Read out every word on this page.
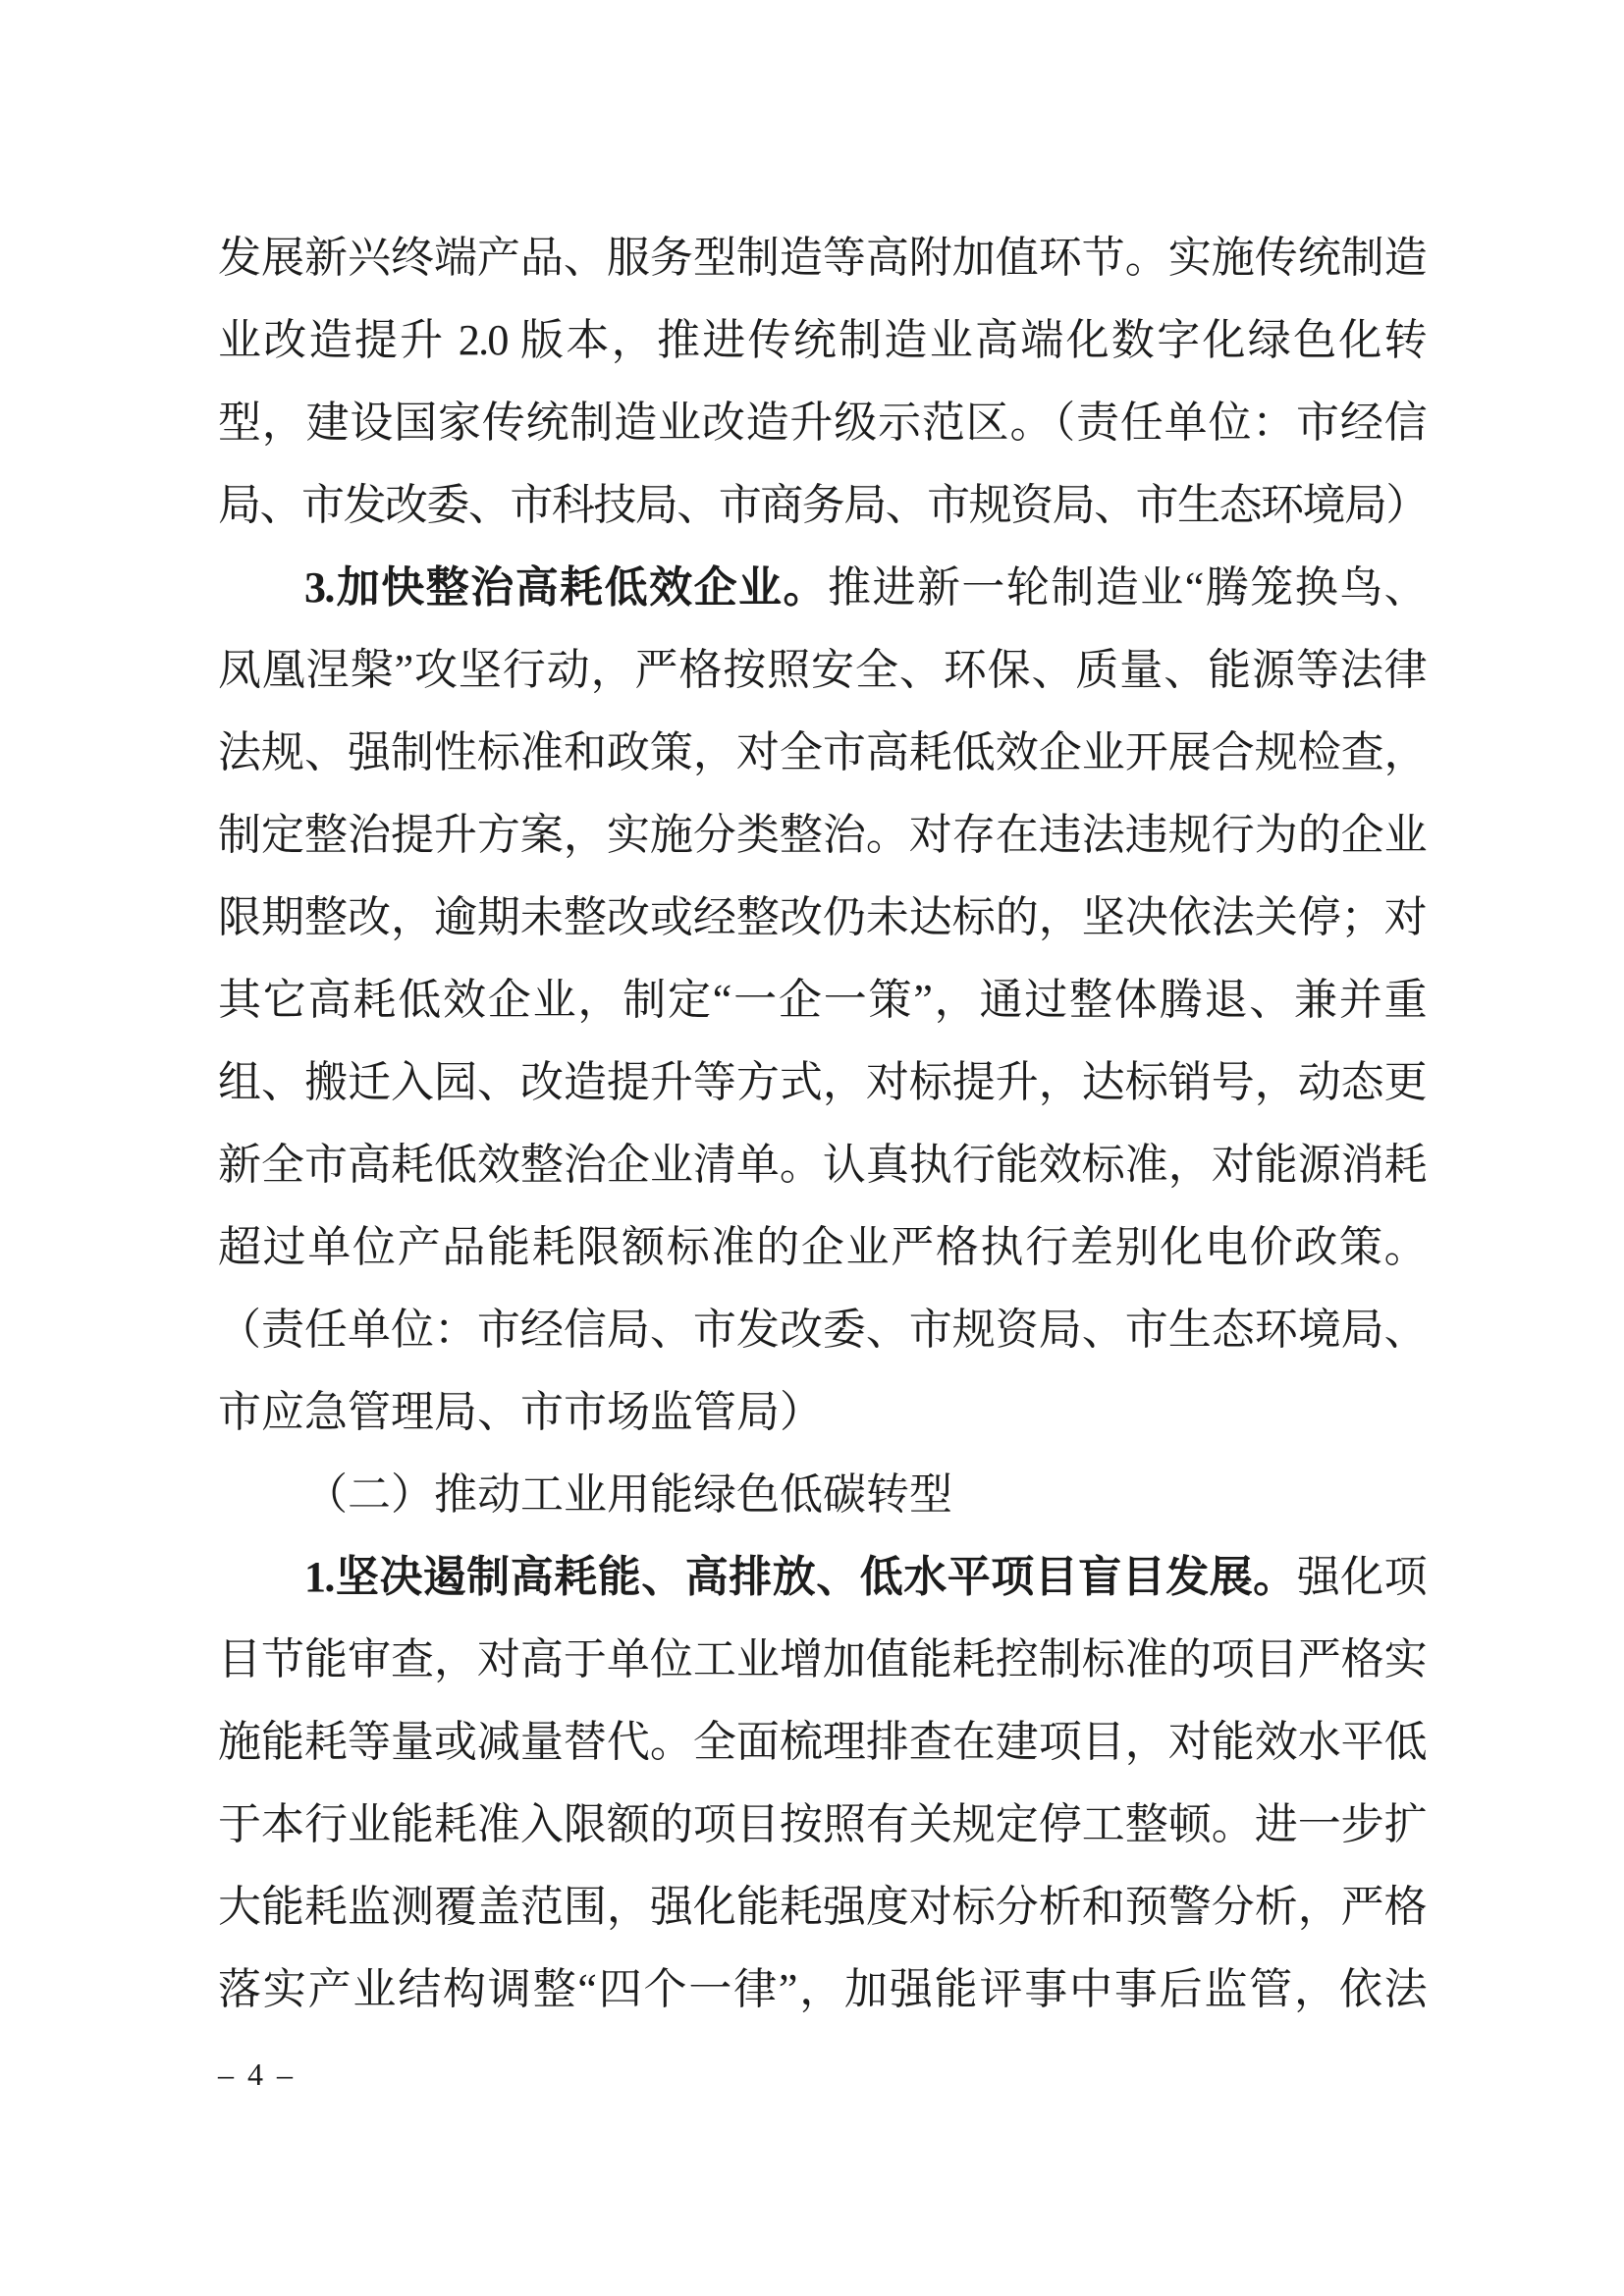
发展新兴终端产品、服务型制造等高附加值环节。实施传统制造
业改造提升 2.0 版本，推进传统制造业高端化数字化绿色化转
型，建设国家传统制造业改造升级示范区。（责任单位：市经信
局、市发改委、市科技局、市商务局、市规资局、市生态环境局）
3.加快整治高耗低效企业。推进新一轮制造业“腾笼换鸟、
凤凰涅槃”攻坚行动，严格按照安全、环保、质量、能源等法律
法规、强制性标准和政策，对全市高耗低效企业开展合规检查，
制定整治提升方案，实施分类整治。对存在违法违规行为的企业
限期整改，逾期未整改或经整改仍未达标的，坚决依法关停；对
其它高耗低效企业，制定“一企一策”，通过整体腾退、兼并重
组、搬迁入园、改造提升等方式，对标提升，达标销号，动态更
新全市高耗低效整治企业清单。认真执行能效标准，对能源消耗
超过单位产品能耗限额标准的企业严格执行差别化电价政策。
（责任单位：市经信局、市发改委、市规资局、市生态环境局、
市应急管理局、市市场监管局）
（二）推动工业用能绿色低碳转型
1.坚决遏制高耗能、高排放、低水平项目盲目发展。强化项
目节能审查，对高于单位工业增加值能耗控制标准的项目严格实
施能耗等量或减量替代。全面梳理排查在建项目，对能效水平低
于本行业能耗准入限额的项目按照有关规定停工整顿。进一步扩
大能耗监测覆盖范围，强化能耗强度对标分析和预警分析，严格
落实产业结构调整“四个一律”，加强能评事中事后监管，依法
– 4 –
